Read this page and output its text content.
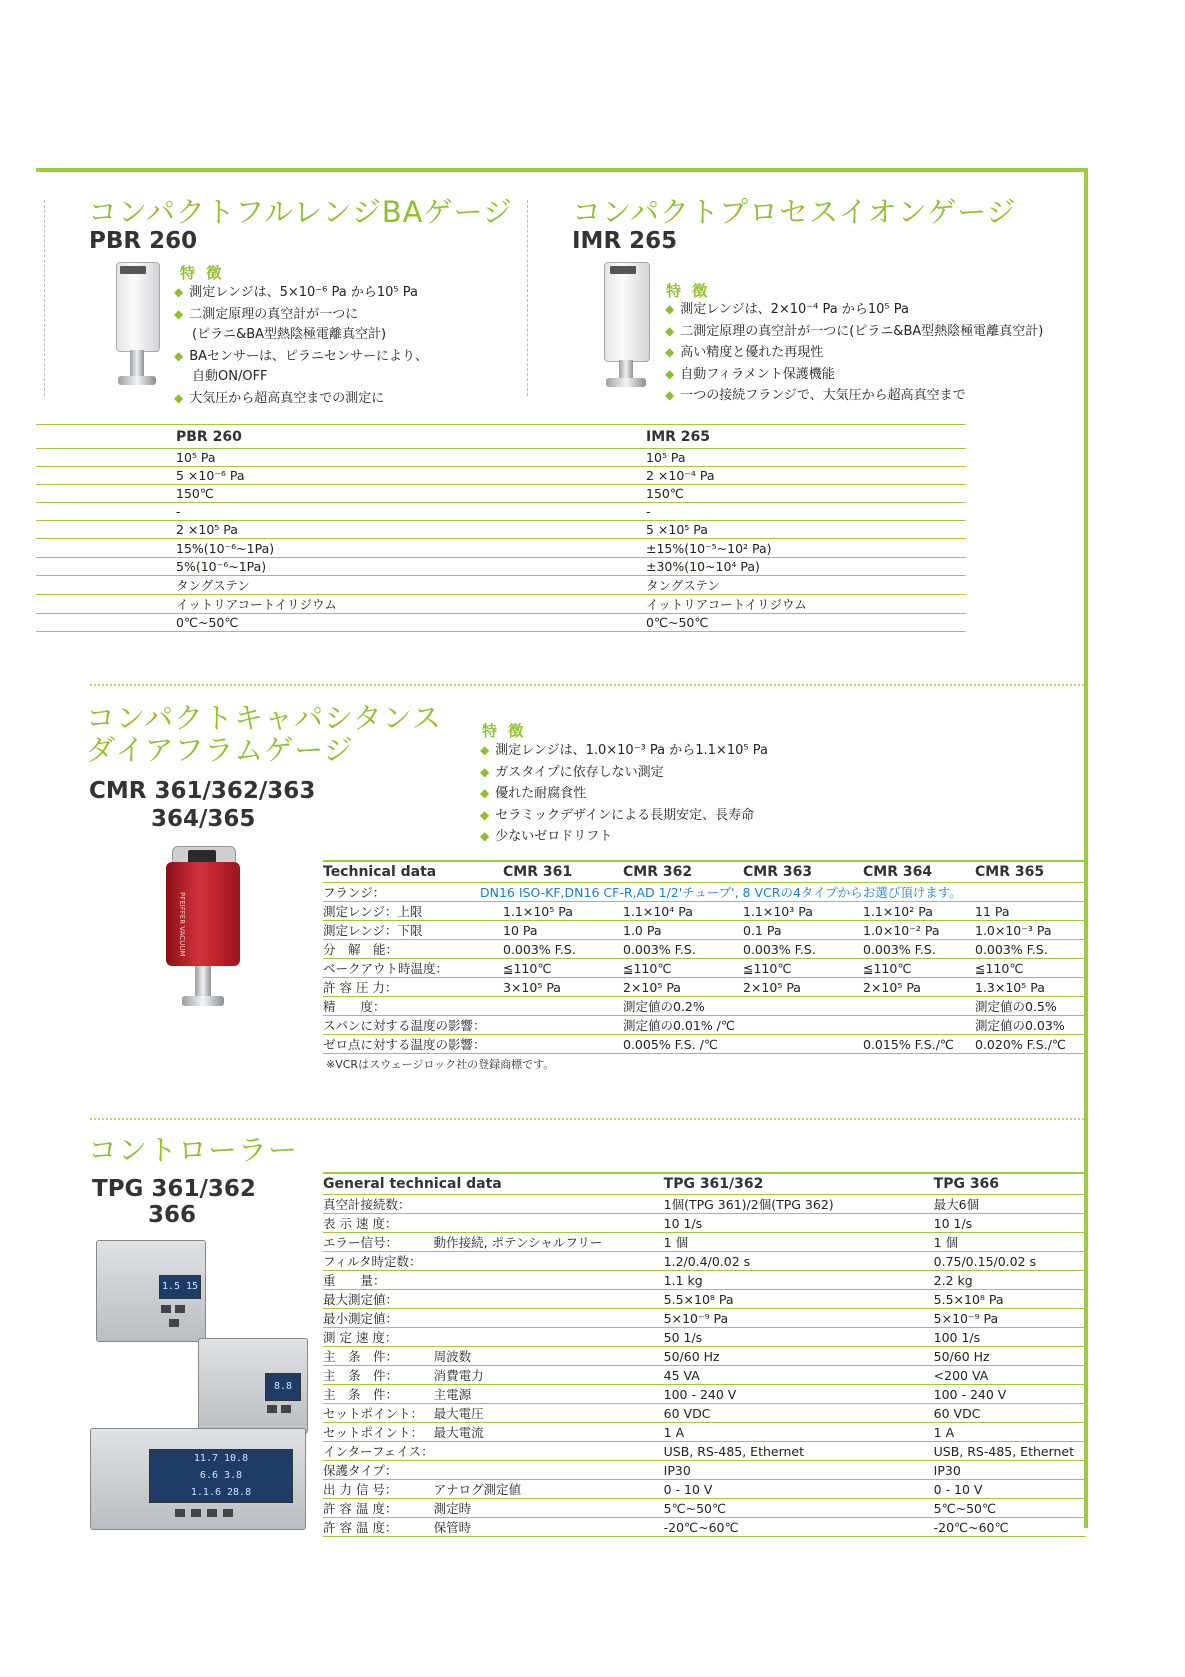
コンパクトフルレンジBAゲージ
PBR 260
特 徴
◆ 測定レンジは、5×10⁻⁶ Pa から10⁵ Pa
◆ 二測定原理の真空計が一つに
(ピラニ&BA型熱陰極電離真空計)
◆ BAセンサーは、ピラニセンサーにより、
自動ON/OFF
◆ 大気圧から超高真空までの測定に
コンパクトプロセスイオンゲージ
IMR 265
特 徴
◆ 測定レンジは、2×10⁻⁴ Pa から10⁵ Pa
◆ 二測定原理の真空計が一つに(ピラニ&BA型熱陰極電離真空計)
◆ 高い精度と優れた再現性
◆ 自動フィラメント保護機能
◆ 一つの接続フランジで、大気圧から超高真空まで
	PBR 260	IMR 265
	10⁵ Pa	10⁵ Pa
	5 ×10⁻⁶ Pa	2 ×10⁻⁴ Pa
	150℃	150℃
	-	-
	2 ×10⁵ Pa	5 ×10⁵ Pa
	15%(10⁻⁶~1Pa)	±15%(10⁻⁵~10² Pa)
	5%(10⁻⁶~1Pa)	±30%(10~10⁴ Pa)
	タングステン	タングステン
	イットリアコートイリジウム	イットリアコートイリジウム
	0℃~50℃	0℃~50℃
コンパクトキャパシタンス
ダイアフラムゲージ
CMR 361/362/363
364/365
特 徴
◆ 測定レンジは、1.0×10⁻³ Pa から1.1×10⁵ Pa
◆ ガスタイプに依存しない測定
◆ 優れた耐腐食性
◆ セラミックデザインによる長期安定、長寿命
◆ 少ないゼロドリフト
PFEIFFER VACUUM
Technical data		CMR 361	CMR 362	CMR 363	CMR 364	CMR 365
フランジ：	DN16 ISO-KF,DN16 CF-R,AD 1/2'チューブ', 8 VCRの4タイプからお選び頂けます。					
測定レンジ：上限		1.1×10⁵ Pa	1.1×10⁴ Pa	1.1×10³ Pa	1.1×10² Pa	11 Pa
測定レンジ：下限		10 Pa	1.0 Pa	0.1 Pa	1.0×10⁻² Pa	1.0×10⁻³ Pa
分　解　能：		0.003% F.S.	0.003% F.S.	0.003% F.S.	0.003% F.S.	0.003% F.S.
ベークアウト時温度：		≦110℃	≦110℃	≦110℃	≦110℃	≦110℃
許 容 圧 力：		3×10⁵ Pa	2×10⁵ Pa	2×10⁵ Pa	2×10⁵ Pa	1.3×10⁵ Pa
精　　度：			測定値の0.2%			測定値の0.5%
スパンに対する温度の影響：			測定値の0.01% /℃			測定値の0.03%
ゼロ点に対する温度の影響：			0.005% F.S. /℃		0.015% F.S./℃	0.020% F.S./℃
※VCRはスウェージロック社の登録商標です。
コントローラー
TPG 361/362
366
1.5 15
8.8
11.7 10.8
6.6 3.8
1.1.6 28.8
General technical data		TPG 361/362	TPG 366
真空計接続数：		1個(TPG 361)/2個(TPG 362)	最大6個
表 示 速 度：		10 1/s	10 1/s
エラー信号：	動作接続, ポテンシャルフリー	1 個	1 個
フィルタ時定数：		1.2/0.4/0.02 s	0.75/0.15/0.02 s
重　　量：		1.1 kg	2.2 kg
最大測定値：		5.5×10⁸ Pa	5.5×10⁸ Pa
最小測定値：		5×10⁻⁹ Pa	5×10⁻⁹ Pa
測 定 速 度：		50 1/s	100 1/s
主　条　件：	周波数	50/60 Hz	50/60 Hz
主　条　件：	消費電力	45 VA	<200 VA
主　条　件：	主電源	100 - 240 V	100 - 240 V
セットポイント：	最大電圧	60 VDC	60 VDC
セットポイント：	最大電流	1 A	1 A
インターフェイス：		USB, RS-485, Ethernet	USB, RS-485, Ethernet
保護タイプ：		IP30	IP30
出 力 信 号：	アナログ測定値	0 - 10 V	0 - 10 V
許 容 温 度：	測定時	5℃~50℃	5℃~50℃
許 容 温 度：	保管時	-20℃~60℃	-20℃~60℃
